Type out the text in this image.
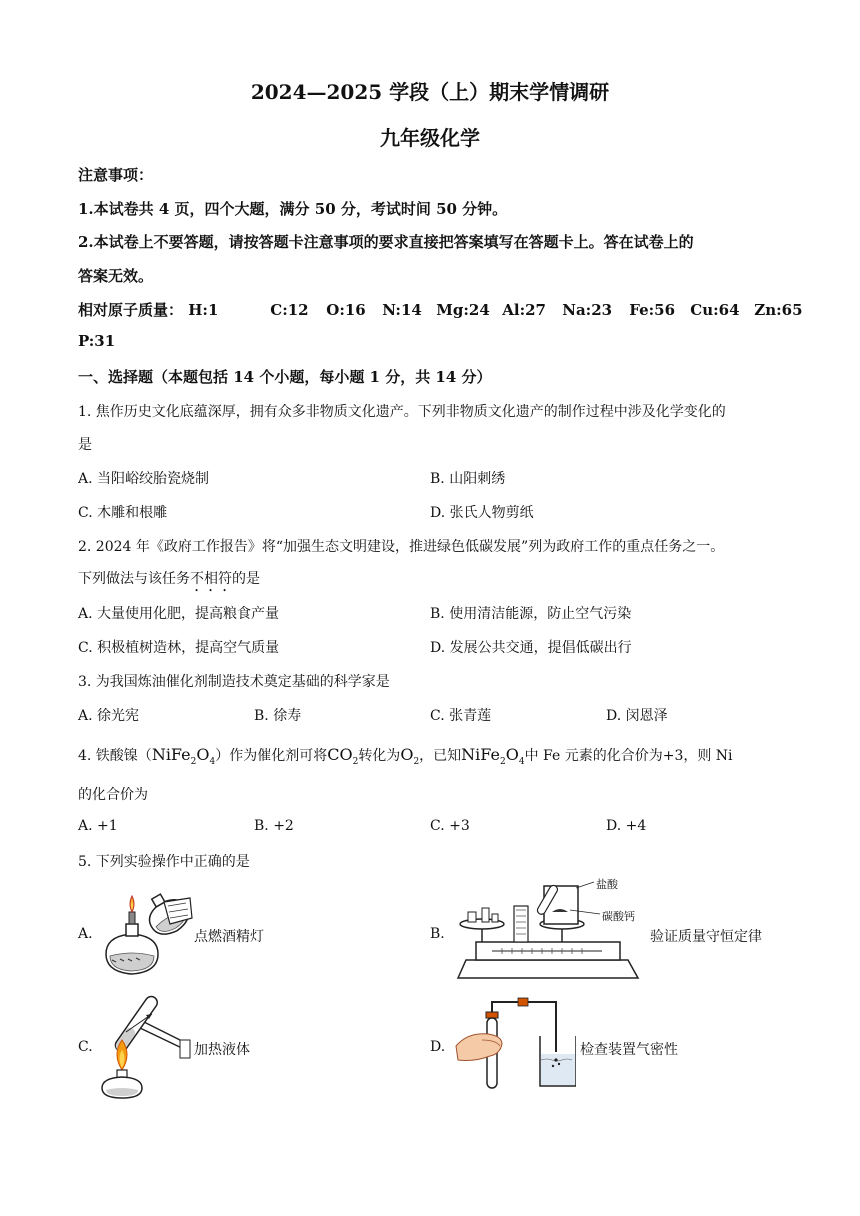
2024—2025 学段（上）期末学情调研
九年级化学
注意事项：
1.本试卷共 4 页，四个大题，满分 50 分，考试时间 50 分钟。
2.本试卷上不要答题，请按答题卡注意事项的要求直接把答案填写在答题卡上。答在试卷上的
答案无效。
相对原子质量： H:1	C:12 O:16 N:14 Mg:24 Al:27 Na:23 Fe:56 Cu:64 Zn:65
P:31
一、选择题（本题包括 14 个小题，每小题 1 分，共 14 分）
1. 焦作历史文化底蕴深厚，拥有众多非物质文化遗产。下列非物质文化遗产的制作过程中涉及化学变化的
是
A. 当阳峪绞胎瓷烧制	B. 山阳刺绣
C. 木雕和根雕	D. 张氏人物剪纸
2. 2024 年《政府工作报告》将“加强生态文明建设，推进绿色低碳发展”列为政府工作的重点任务之一。
下列做法与该任务不相符的是
A. 大量使用化肥，提高粮食产量	B. 使用清洁能源，防止空气污染
C. 积极植树造林，提高空气质量	D. 发展公共交通，提倡低碳出行
3. 为我国炼油催化剂制造技术奠定基础的科学家是
A. 徐光宪	B. 徐寿	C. 张青莲	D. 闵恩泽
4. 铁酸镍$(NiFe_2O_4)$作为催化剂可将$CO_2$转化为$O_2$，已知$NiFe_2O_4$中 Fe 元素的化合价为+3，则 Ni
的化合价为
A. +1	B. +2	C. +3	D. +4
5. 下列实验操作中正确的是
A.	点燃酒精灯	B.
盐酸
碳酸钙
验证质量守恒定律
C.	加热液体	D.	检查装置气密性
